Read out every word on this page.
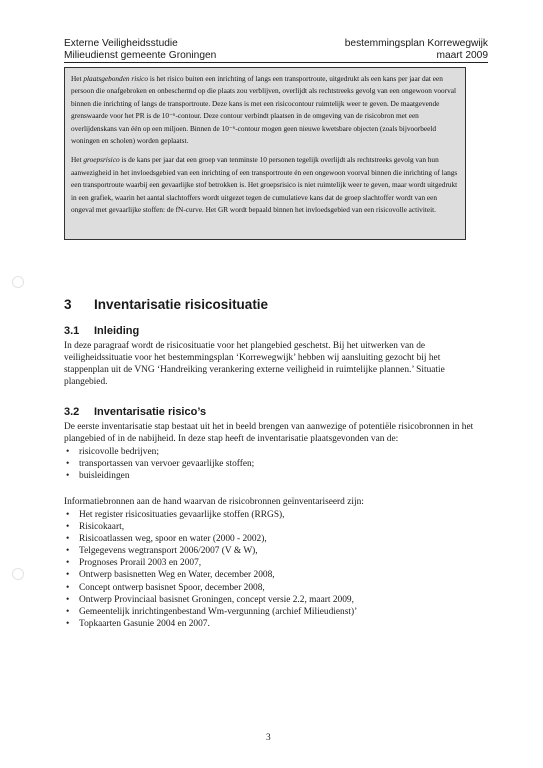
Externe Veiligheidsstudie	bestemmingsplan Korrewegwijk
Milieudienst gemeente Groningen	maart 2009

Het plaatsgebonden risico is het risico buiten een inrichting of langs een transportroute, uitgedrukt als een kans per jaar dat een persoon die onafgebroken en onbeschermd op die plaats zou verblijven, overlijdt als rechtstreeks gevolg van een ongewoon voorval binnen die inrichting of langs de transportroute. Deze kans is met een risicocontour ruimtelijk weer te geven. De maatgevende grenswaarde voor het PR is de 10⁻⁶-contour. Deze contour verbindt plaatsen in de omgeving van de risicobron met een overlijdenskans van één op een miljoen. Binnen de 10⁻⁶-contour mogen geen nieuwe kwetsbare objecten (zoals bijvoorbeeld woningen en scholen) worden geplaatst.

Het groepsrisico is de kans per jaar dat een groep van tenminste 10 personen tegelijk overlijdt als rechtstreeks gevolg van hun aanwezigheid in het invloedsgebied van een inrichting of een transportroute én een ongewoon voorval binnen die inrichting of langs een transportroute waarbij een gevaarlijke stof betrokken is. Het groepsrisico is niet ruimtelijk weer te geven, maar wordt uitgedrukt in een grafiek, waarin het aantal slachtoffers wordt uitgezet tegen de cumulatieve kans dat de groep slachtoffer wordt van een ongeval met gevaarlijke stoffen: de fN-curve. Het GR wordt bepaald binnen het invloedsgebied van een risicovolle activiteit.

3 Inventarisatie risicosituatie
3.1 Inleiding

In deze paragraaf wordt de risicosituatie voor het plangebied geschetst. Bij het uitwerken van de veiligheidssituatie voor het bestemmingsplan ‘Korrewegwijk’ hebben wij aansluiting gezocht bij het stappenplan uit de VNG ‘Handreiking verankering externe veiligheid in ruimtelijke plannen.’ Situatie plangebied.

3.2 Inventarisatie risico’s

De eerste inventarisatie stap bestaat uit het in beeld brengen van aanwezige of potentiële risicobronnen in het plangebied of in de nabijheid. In deze stap heeft de inventarisatie plaatsgevonden van de:

• risicovolle bedrijven;
• transportassen van vervoer gevaarlijke stoffen;
• buisleidingen

Informatiebronnen aan de hand waarvan de risicobronnen geïnventariseerd zijn:

• Het register risicosituaties gevaarlijke stoffen (RRGS),
• Risicokaart,
• Risicoatlassen weg, spoor en water (2000 - 2002),
• Telgegevens wegtransport 2006/2007 (V & W),
• Prognoses Prorail 2003 en 2007,
• Ontwerp basisnetten Weg en Water, december 2008,
• Concept ontwerp basisnet Spoor, december 2008,
• Ontwerp Provinciaal basisnet Groningen, concept versie 2.2, maart 2009,
• Gemeentelijk inrichtingenbestand Wm-vergunning (archief Milieudienst)’
• Topkaarten Gasunie 2004 en 2007.
3
